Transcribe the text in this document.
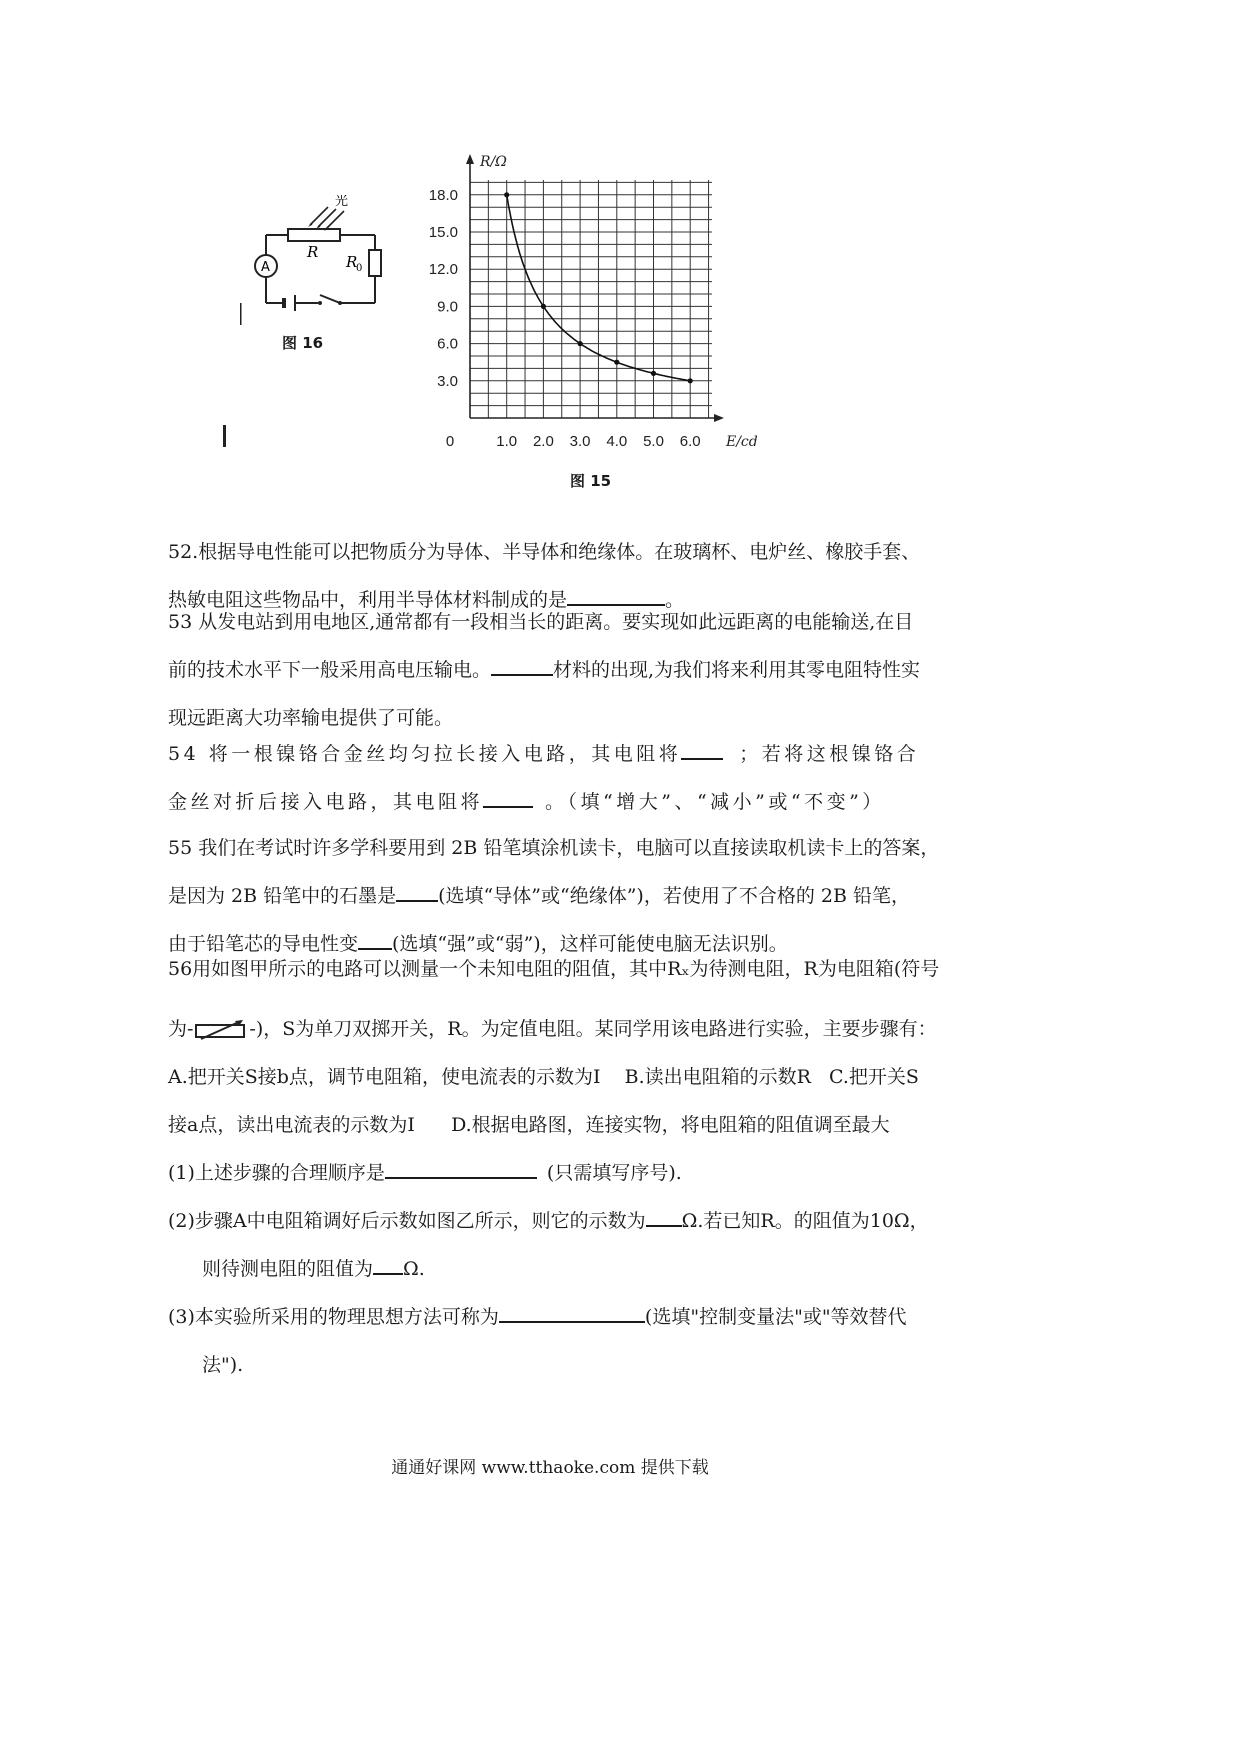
光
R
R
0
A
图 16
1.0 2.0 3.0 4.0 5.0 6.0
3.0
6.0
9.0
12.0
15.0
18.0
0
R/Ω
E/cd
图 15
52.根据导电性能可以把物质分为导体、半导体和绝缘体。在玻璃杯、电炉丝、橡胶手套、
热敏电阻这些物品中，利用半导体材料制成的是	。
53 从发电站到用电地区,通常都有一段相当长的距离。要实现如此远距离的电能输送,在目
前的技术水平下一般采用高电压输电。	材料的出现,为我们将来利用其零电阻特性实
现远距离大功率输电提供了可能。
54 将一根镍铬合金丝均匀拉长接入电路，其电阻将	；若将这根镍铬合
金丝对折后接入电路，其电阻将	。（填“增大”、“减小”或“不变”）
55 我们在考试时许多学科要用到 2B 铅笔填涂机读卡，电脑可以直接读取机读卡上的答案，
是因为 2B 铅笔中的石墨是 (选填“导体”或“绝缘体”)，若使用了不合格的 2B 铅笔，
由于铅笔芯的导电性变 (选填“强”或“弱”)，这样可能使电脑无法识别。
56用如图甲所示的电路可以测量一个未知电阻的阻值，其中Rₓ为待测电阻，R为电阻箱(符号
为-	-)，S为单刀双掷开关，R。为定值电阻。某同学用该电路进行实验，主要步骤有：
A.把开关S接b点，调节电阻箱，使电流表的示数为I    B.读出电阻箱的示数R   C.把开关S
接a点，读出电流表的示数为I      D.根据电路图，连接实物，将电阻箱的阻值调至最大
(1)上述步骤的合理顺序是	(只需填写序号).
(2)步骤A中电阻箱调好后示数如图乙所示，则它的示数为 Ω.若已知R。的阻值为10Ω，
则待测电阻的阻值为 Ω.
(3)本实验所采用的物理思想方法可称为	(选填"控制变量法"或"等效替代
法").
通通好课网 www.tthaoke.com 提供下载
